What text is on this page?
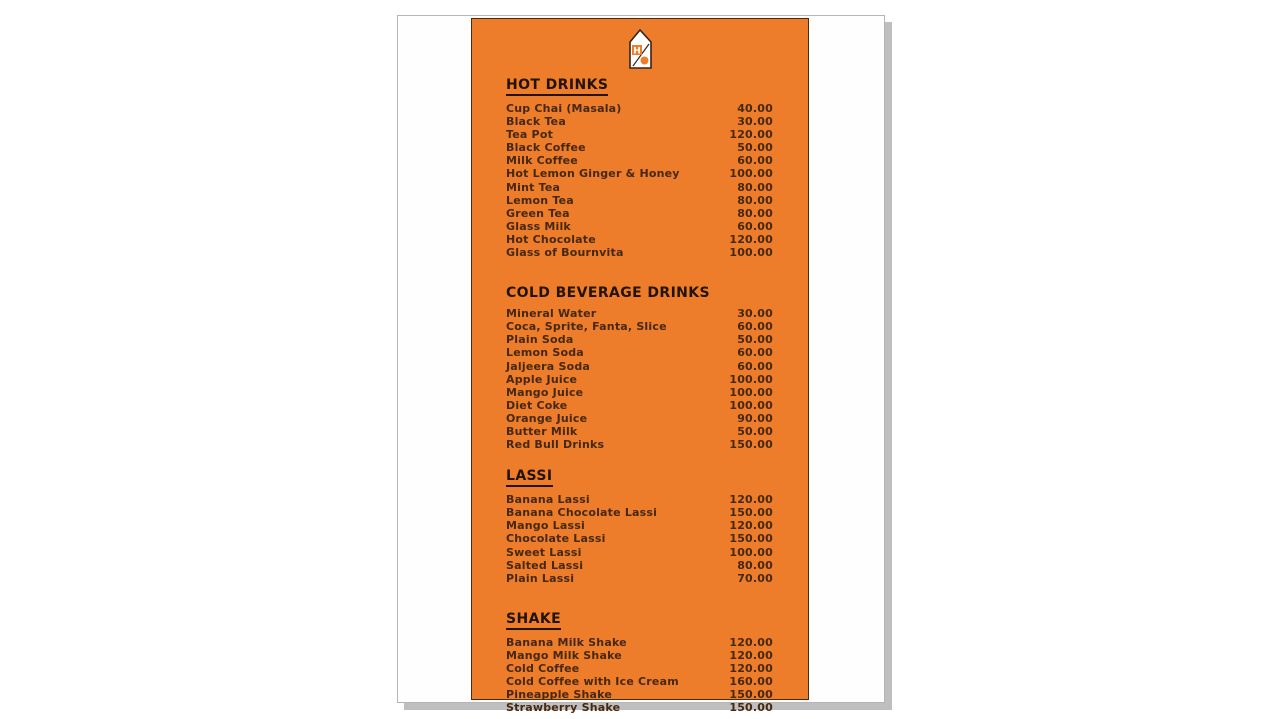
H
HOT DRINKS
Cup Chai (Masala)	40.00
Black Tea	30.00
Tea Pot	120.00
Black Coffee	50.00
Milk Coffee	60.00
Hot Lemon Ginger & Honey	100.00
Mint Tea	80.00
Lemon Tea	80.00
Green Tea	80.00
Glass Milk	60.00
Hot Chocolate	120.00
Glass of Bournvita	100.00
COLD BEVERAGE DRINKS
Mineral Water	30.00
Coca, Sprite, Fanta, Slice	60.00
Plain Soda	50.00
Lemon Soda	60.00
Jaljeera Soda	60.00
Apple Juice	100.00
Mango Juice	100.00
Diet Coke	100.00
Orange Juice	90.00
Butter Milk	50.00
Red Bull Drinks	150.00
LASSI
Banana Lassi	120.00
Banana Chocolate Lassi	150.00
Mango Lassi	120.00
Chocolate Lassi	150.00
Sweet Lassi	100.00
Salted Lassi	80.00
Plain Lassi	70.00
SHAKE
Banana Milk Shake	120.00
Mango Milk Shake	120.00
Cold Coffee	120.00
Cold Coffee with Ice Cream	160.00
Pineapple Shake	150.00
Strawberry Shake	150.00
